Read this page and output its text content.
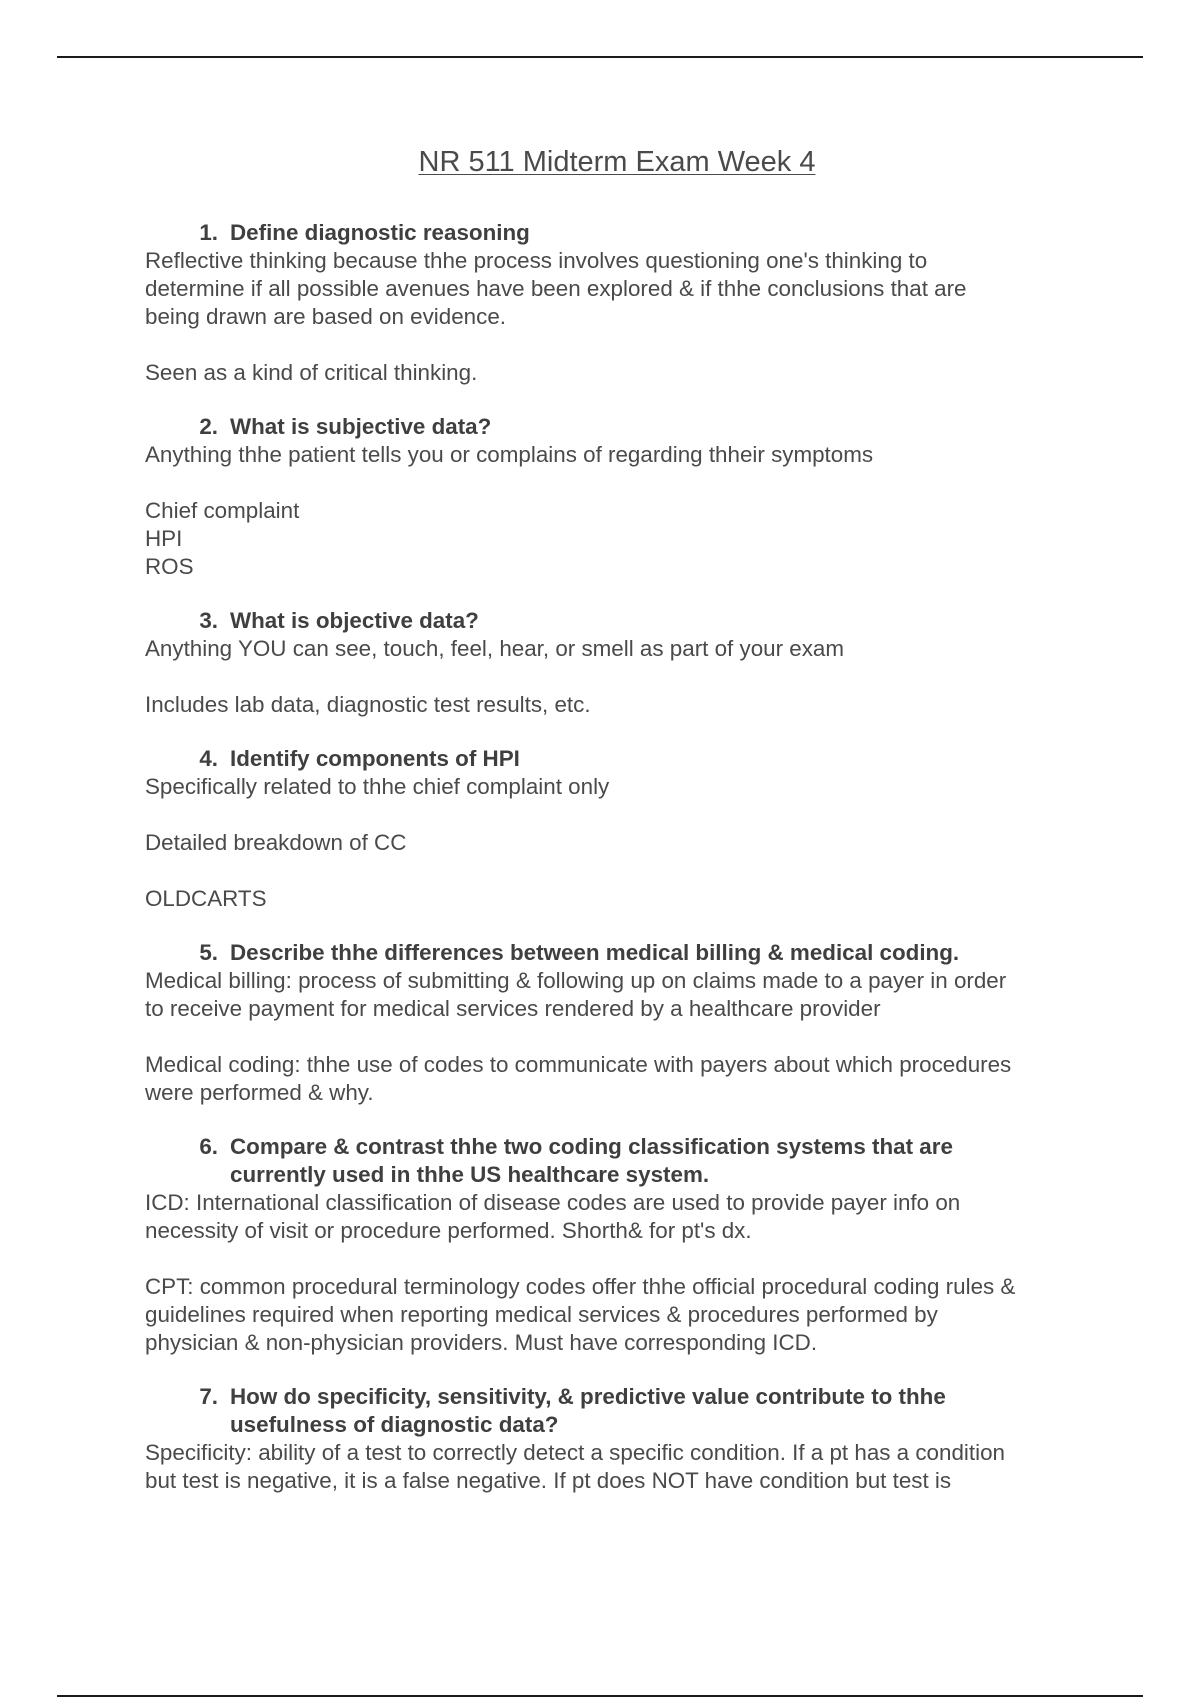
NR 511 Midterm Exam Week 4
1. Define diagnostic reasoning

Reflective thinking because thhe process involves questioning one's thinking to
determine if all possible avenues have been explored & if thhe conclusions that are
being drawn are based on evidence.

Seen as a kind of critical thinking.

2. What is subjective data?

Anything thhe patient tells you or complains of regarding thheir symptoms

Chief complaint
HPI
ROS

3. What is objective data?

Anything YOU can see, touch, feel, hear, or smell as part of your exam

Includes lab data, diagnostic test results, etc.

4. Identify components of HPI

Specifically related to thhe chief complaint only

Detailed breakdown of CC

OLDCARTS

5. Describe thhe differences between medical billing & medical coding.

Medical billing: process of submitting & following up on claims made to a payer in order
to receive payment for medical services rendered by a healthcare provider

Medical coding: thhe use of codes to communicate with payers about which procedures
were performed & why.

6. Compare & contrast thhe two coding classification systems that are currently used in thhe US healthcare system.

ICD: International classification of disease codes are used to provide payer info on
necessity of visit or procedure performed. Shorth& for pt's dx.

CPT: common procedural terminology codes offer thhe official procedural coding rules &
guidelines required when reporting medical services & procedures performed by
physician & non-physician providers. Must have corresponding ICD.

7. How do specificity, sensitivity, & predictive value contribute to thhe usefulness of diagnostic data?

Specificity: ability of a test to correctly detect a specific condition. If a pt has a condition
but test is negative, it is a false negative. If pt does NOT have condition but test is
